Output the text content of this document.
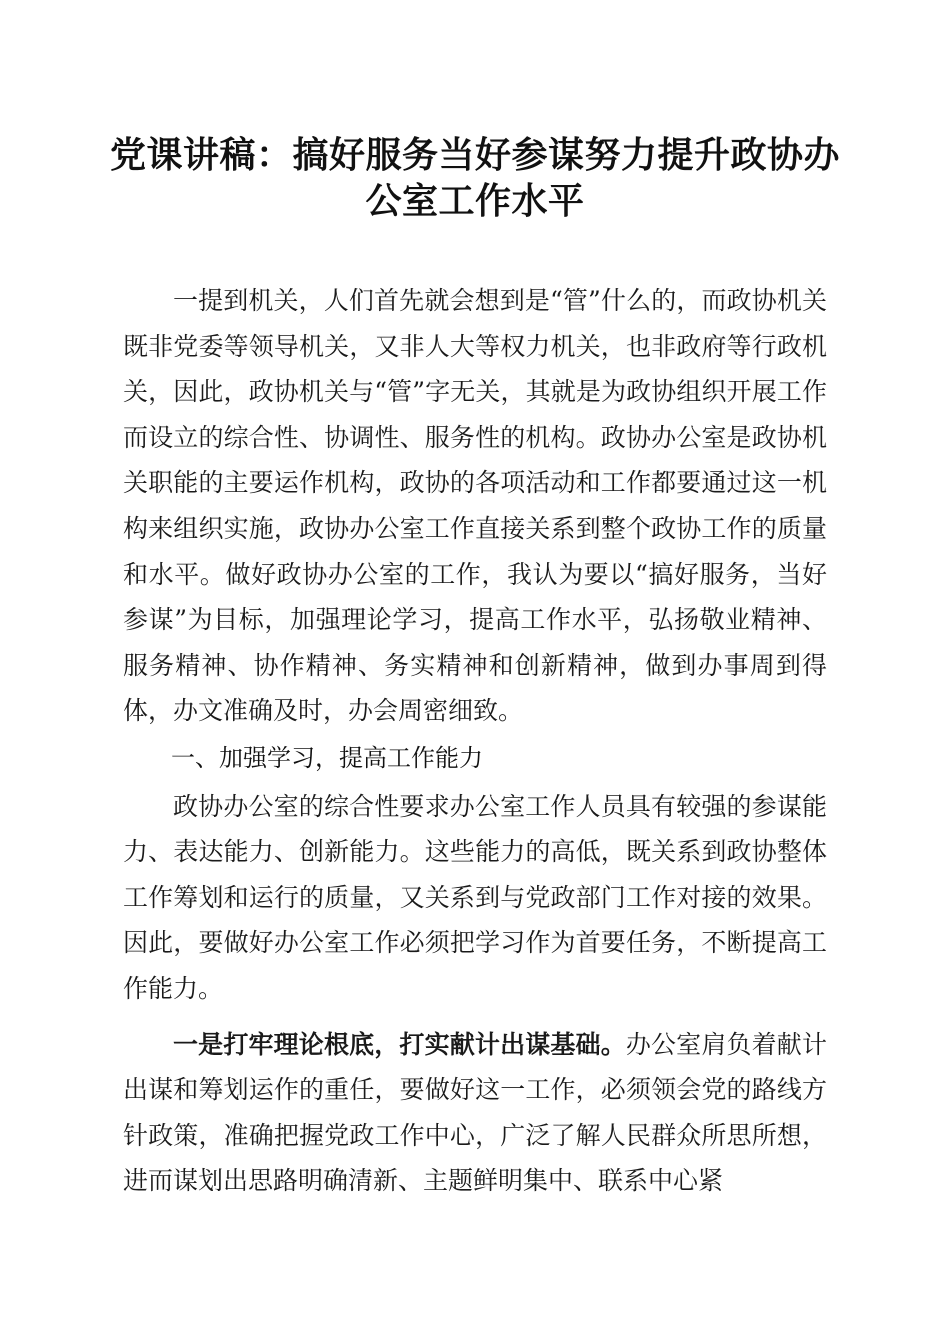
党课讲稿：搞好服务当好参谋努力提升政协办
公室工作水平

一提到机关，人们首先就会想到是“管”什么的，而政协机关既非党委等领导机关，又非人大等权力机关，也非政府等行政机关，因此，政协机关与“管”字无关，其就是为政协组织开展工作而设立的综合性、协调性、服务性的机构。政协办公室是政协机关职能的主要运作机构，政协的各项活动和工作都要通过这一机构来组织实施，政协办公室工作直接关系到整个政协工作的质量和水平。做好政协办公室的工作，我认为要以“搞好服务，当好参谋”为目标，加强理论学习，提高工作水平，弘扬敬业精神、服务精神、协作精神、务实精神和创新精神，做到办事周到得体，办文准确及时，办会周密细致。

一、加强学习，提高工作能力

政协办公室的综合性要求办公室工作人员具有较强的参谋能力、表达能力、创新能力。这些能力的高低，既关系到政协整体工作筹划和运行的质量，又关系到与党政部门工作对接的效果。因此，要做好办公室工作必须把学习作为首要任务，不断提高工作能力。

一是打牢理论根底，打实献计出谋基础。办公室肩负着献计出谋和筹划运作的重任，要做好这一工作，必须领会党的路线方针政策，准确把握党政工作中心，广泛了解人民群众所思所想，进而谋划出思路明确清新、主题鲜明集中、联系中心紧
